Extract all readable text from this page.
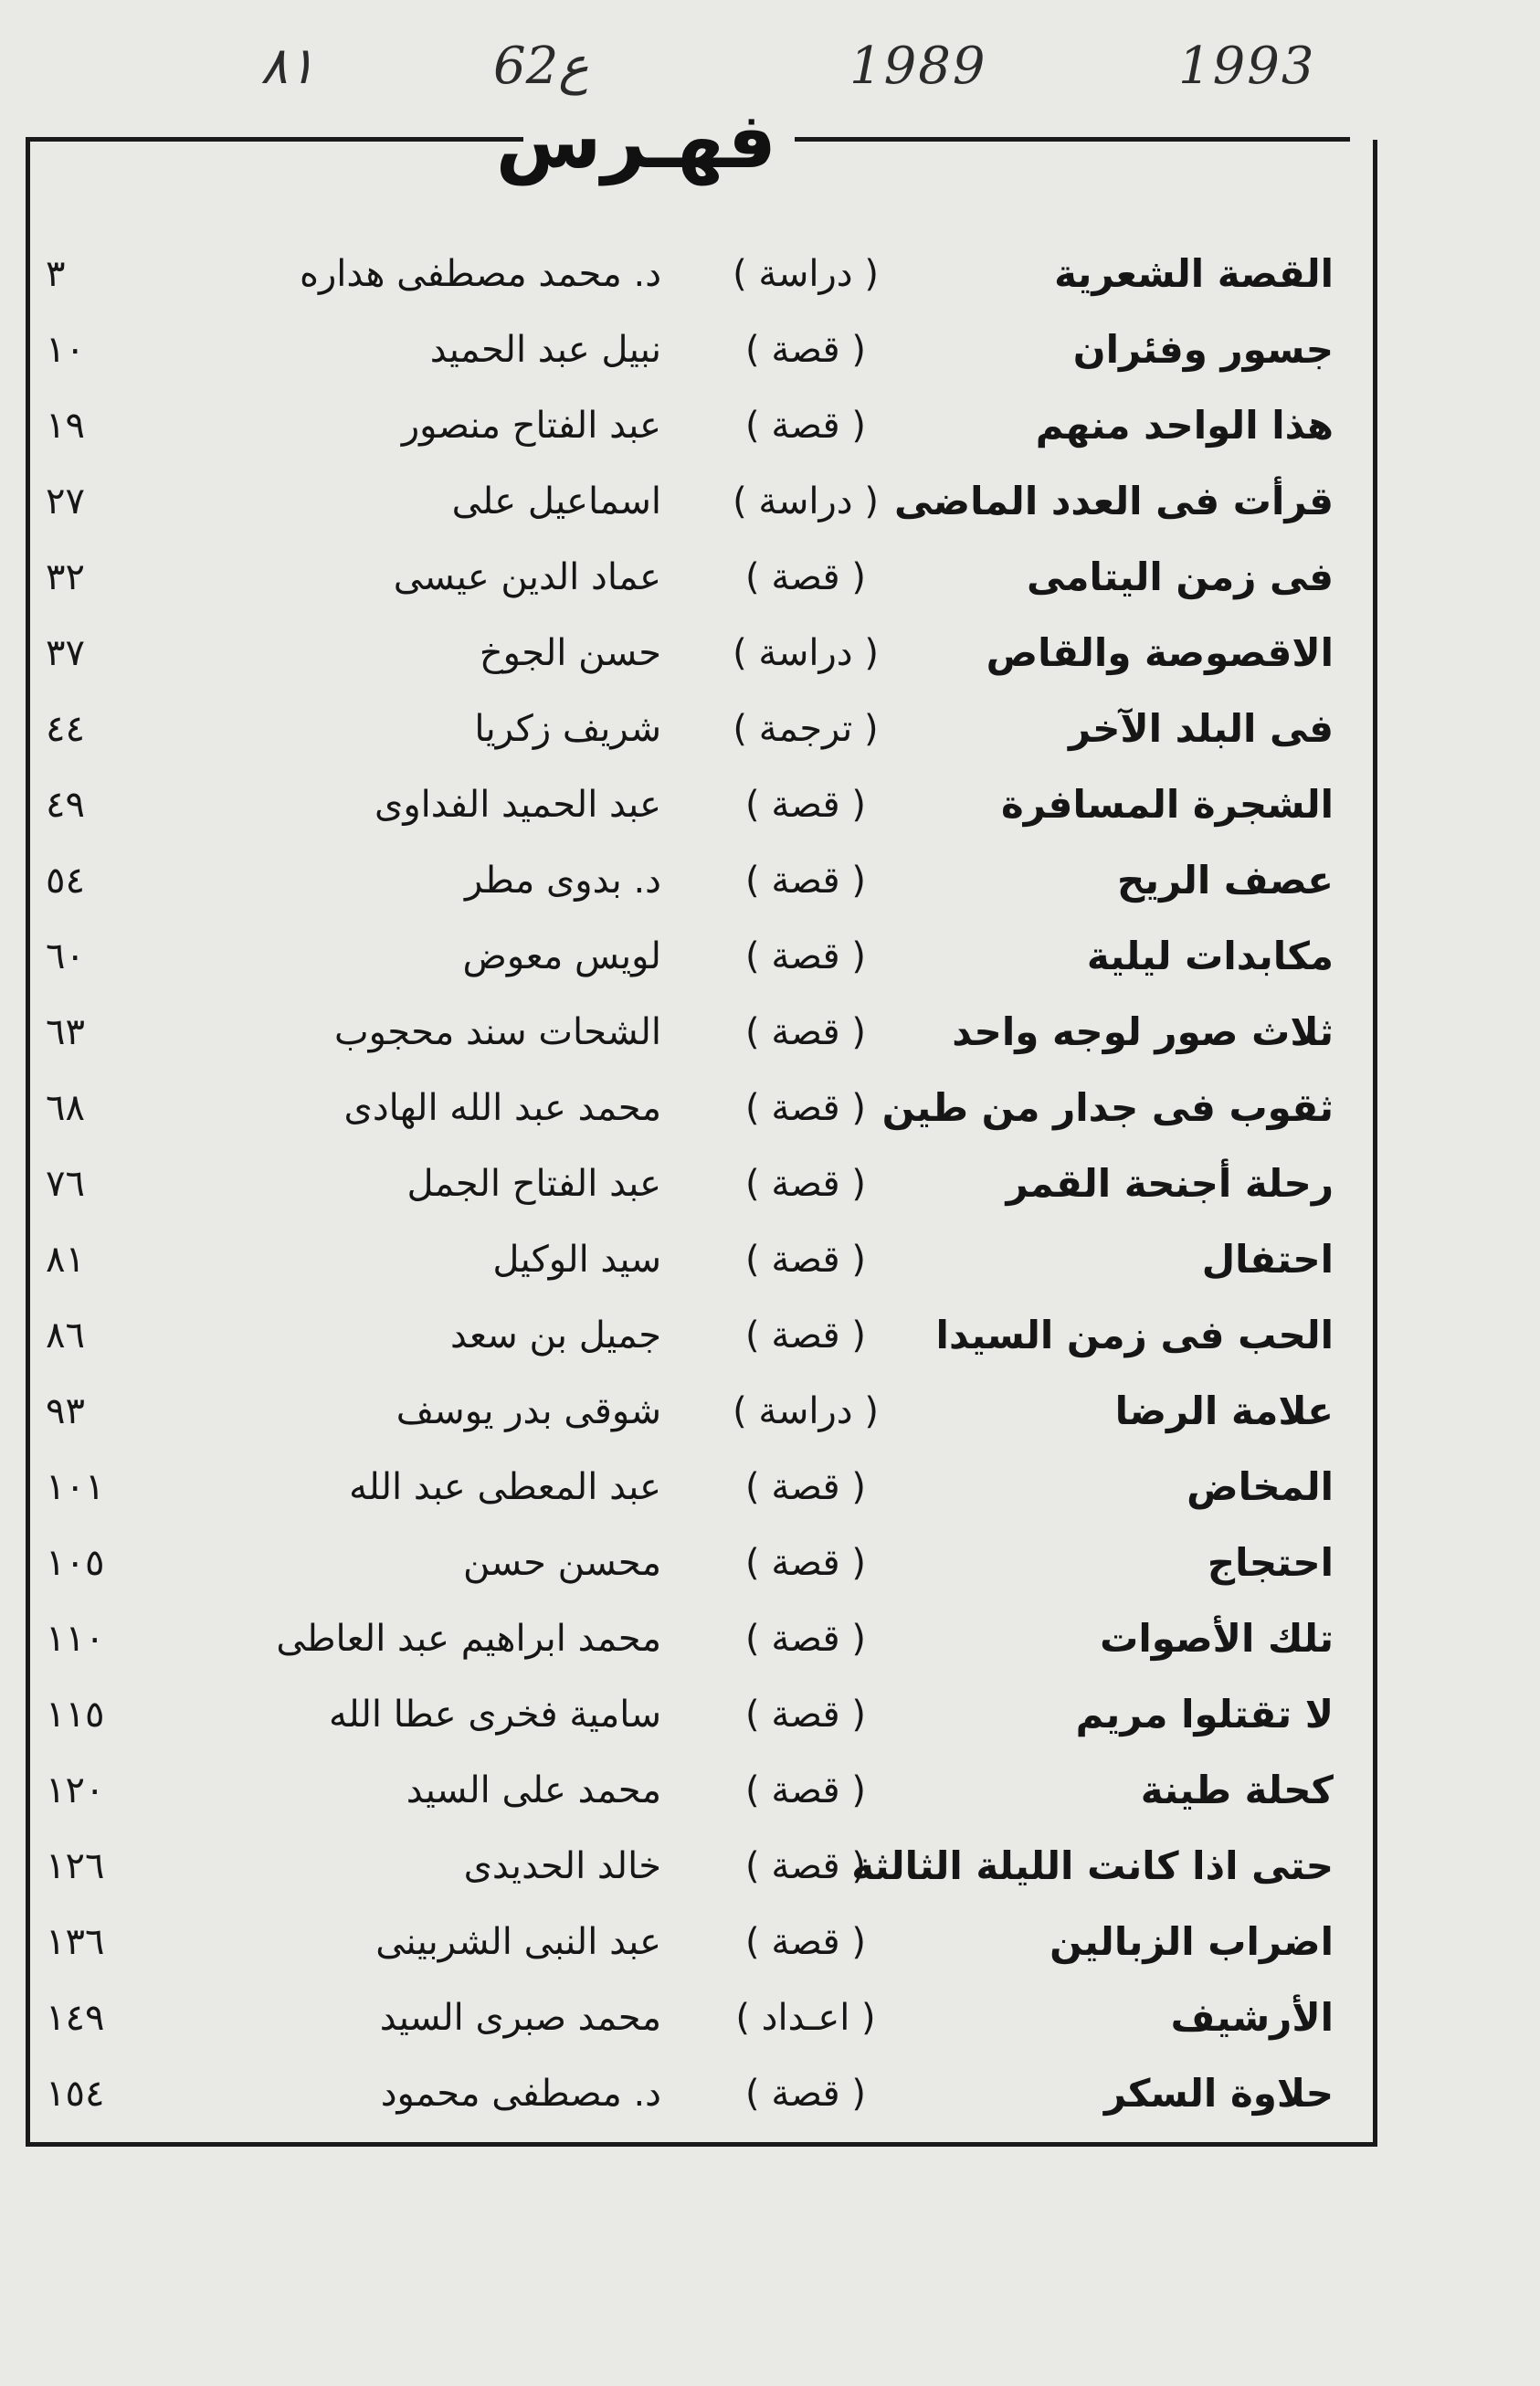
1993
1989
62ع
٨١
فهـرس
القصة الشعرية
( دراسة )
د. محمد مصطفى هداره
٣
جسور وفئران
( قصة )
نبيل عبد الحميد
١٠
هذا الواحد منهم
( قصة )
عبد الفتاح منصور
١٩
قرأت فى العدد الماضى
( دراسة )
اسماعيل على
٢٧
فى زمن اليتامى
( قصة )
عماد الدين عيسى
٣٢
الاقصوصة والقاص
( دراسة )
حسن الجوخ
٣٧
فى البلد الآخر
( ترجمة )
شريف زكريا
٤٤
الشجرة المسافرة
( قصة )
عبد الحميد الفداوى
٤٩
عصف الريح
( قصة )
د. بدوى مطر
٥٤
مكابدات ليلية
( قصة )
لويس معوض
٦٠
ثلاث صور لوجه واحد
( قصة )
الشحات سند محجوب
٦٣
ثقوب فى جدار من طين
( قصة )
محمد عبد الله الهادى
٦٨
رحلة أجنحة القمر
( قصة )
عبد الفتاح الجمل
٧٦
احتفال
( قصة )
سيد الوكيل
٨١
الحب فى زمن السيدا
( قصة )
جميل بن سعد
٨٦
علامة الرضا
( دراسة )
شوقى بدر يوسف
٩٣
المخاض
( قصة )
عبد المعطى عبد الله
١٠١
احتجاج
( قصة )
محسن حسن
١٠٥
تلك الأصوات
( قصة )
محمد ابراهيم عبد العاطى
١١٠
لا تقتلوا مريم
( قصة )
سامية فخرى عطا الله
١١٥
كحلة طينة
( قصة )
محمد على السيد
١٢٠
حتى اذا كانت الليلة الثالثة
( قصة )
خالد الحديدى
١٢٦
اضراب الزبالين
( قصة )
عبد النبى الشربينى
١٣٦
الأرشيف
( اعـداد )
محمد صبرى السيد
١٤٩
حلاوة السكر
( قصة )
د. مصطفى محمود
١٥٤
